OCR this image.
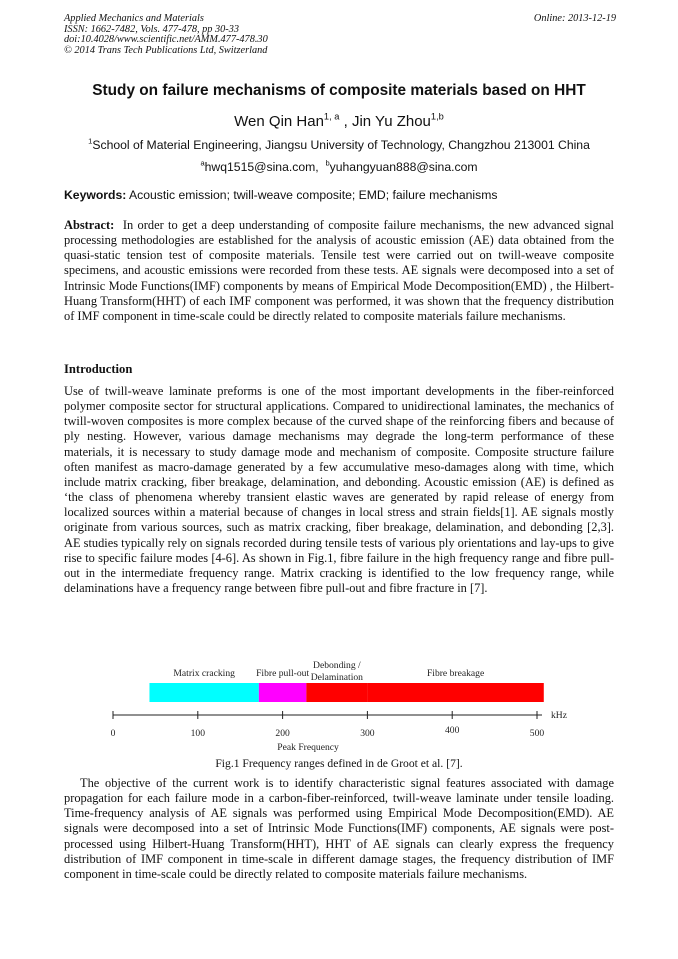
Applied Mechanics and Materials
ISSN: 1662-7482, Vols. 477-478, pp 30-33
doi:10.4028/www.scientific.net/AMM.477-478.30
© 2014 Trans Tech Publications Ltd, Switzerland
Online: 2013-12-19
Study on failure mechanisms of composite materials based on HHT
Wen Qin Han$^{1, a}$ , Jin Yu Zhou$^{1,b}$
$^1$School of Material Engineering, Jiangsu University of Technology, Changzhou 213001 China
$^a$hwq1515@sina.com, $^b$yuhangyuan888@sina.com
Keywords: Acoustic emission; twill-weave composite; EMD; failure mechanisms
Abstract: In order to get a deep understanding of composite failure mechanisms, the new advanced signal processing methodologies are established for the analysis of acoustic emission (AE) data obtained from the quasi-static tension test of composite materials. Tensile test were carried out on twill-weave composite specimens, and acoustic emissions were recorded from these tests. AE signals were decomposed into a set of Intrinsic Mode Functions(IMF) components by means of Empirical Mode Decomposition(EMD) , the Hilbert-Huang Transform(HHT) of each IMF component was performed, it was shown that the frequency distribution of IMF component in time-scale could be directly related to composite materials failure mechanisms.
Introduction
Use of twill-weave laminate preforms is one of the most important developments in the fiber-reinforced polymer composite sector for structural applications. Compared to unidirectional laminates, the mechanics of twill-woven composites is more complex because of the curved shape of the reinforcing fibers and because of ply nesting. However, various damage mechanisms may degrade the long-term performance of these materials, it is necessary to study damage mode and mechanism of composite. Composite structure failure often manifest as macro-damage generated by a few accumulative meso-damages along with time, which include matrix cracking, fiber breakage, delamination, and debonding. Acoustic emission (AE) is defined as ‘the class of phenomena whereby transient elastic waves are generated by rapid release of energy from localized sources within a material because of changes in local stress and strain fields[1]. AE signals mostly originate from various sources, such as matrix cracking, fiber breakage, delamination, and debonding [2,3]. AE studies typically rely on signals recorded during tensile tests of various ply orientations and lay-ups to give rise to specific failure modes [4-6]. As shown in Fig.1, fibre failure in the high frequency range and fibre pull-out in the intermediate frequency range. Matrix cracking is identified to the low frequency range, while delaminations have a frequency range between fibre pull-out and fibre fracture in [7].
Matrix cracking Fibre pull-out
Debonding /
Delamination	Fibre breakage
0	100	200	300	400	500
kHz
Peak Frequency
Fig.1 Frequency ranges defined in de Groot et al. [7].
The objective of the current work is to identify characteristic signal features associated with damage propagation for each failure mode in a carbon-fiber-reinforced, twill-weave laminate under tensile loading. Time-frequency analysis of AE signals was performed using Empirical Mode Decomposition(EMD). AE signals were decomposed into a set of Intrinsic Mode Functions(IMF) components, AE signals were post-processed using Hilbert-Huang Transform(HHT), HHT of AE signals can clearly express the frequency distribution of IMF component in time-scale in different damage stages, the frequency distribution of IMF component in time-scale could be directly related to composite materials failure mechanisms.
